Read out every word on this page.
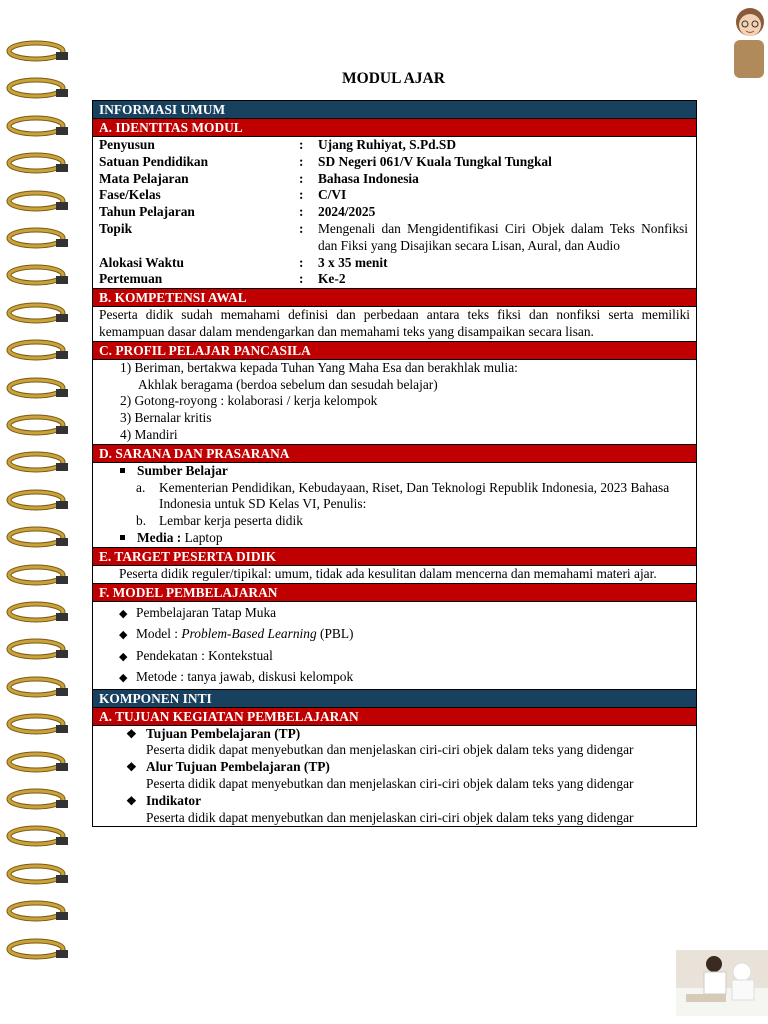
MODUL AJAR
INFORMASI UMUM
A. IDENTITAS MODUL
Penyusun	:	Ujang Ruhiyat, S.Pd.SD
Satuan Pendidikan	:	SD Negeri 061/V Kuala Tungkal Tungkal
Mata Pelajaran	:	Bahasa Indonesia
Fase/Kelas	:	C/VI
Tahun Pelajaran	:	2024/2025
Topik	:	Mengenali dan Mengidentifikasi Ciri Objek dalam Teks Nonfiksi dan Fiksi yang Disajikan secara Lisan, Aural, dan Audio
Alokasi Waktu	:	3 x 35 menit
Pertemuan	:	Ke-2
B. KOMPETENSI AWAL
Peserta didik sudah memahami definisi dan perbedaan antara teks fiksi dan nonfiksi serta memiliki kemampuan dasar dalam mendengarkan dan memahami teks yang disampaikan secara lisan.
C. PROFIL PELAJAR PANCASILA
1) Beriman, bertakwa kepada Tuhan Yang Maha Esa dan berakhlak mulia:
Akhlak beragama (berdoa sebelum dan sesudah belajar)
2) Gotong-royong : kolaborasi / kerja kelompok
3) Bernalar kritis
4) Mandiri
D. SARANA DAN PRASARANA
Sumber Belajar
a.	Kementerian Pendidikan, Kebudayaan, Riset, Dan Teknologi Republik Indonesia, 2023 Bahasa Indonesia untuk SD Kelas VI, Penulis:
b. Lembar kerja peserta didik
Media : Laptop
E. TARGET PESERTA DIDIK
Peserta didik reguler/tipikal: umum, tidak ada kesulitan dalam mencerna dan memahami materi ajar.
F. MODEL PEMBELAJARAN
◆ Pembelajaran Tatap Muka
◆ Model : Problem-Based Learning (PBL)
◆ Pendekatan : Kontekstual
◆ Metode : tanya jawab, diskusi kelompok
KOMPONEN INTI
A. TUJUAN KEGIATAN PEMBELAJARAN
❖ Tujuan Pembelajaran (TP)
Peserta didik dapat menyebutkan dan menjelaskan ciri-ciri objek dalam teks yang didengar
❖ Alur Tujuan Pembelajaran (TP)
Peserta didik dapat menyebutkan dan menjelaskan ciri-ciri objek dalam teks yang didengar
❖ Indikator
Peserta didik dapat menyebutkan dan menjelaskan ciri-ciri objek dalam teks yang didengar
